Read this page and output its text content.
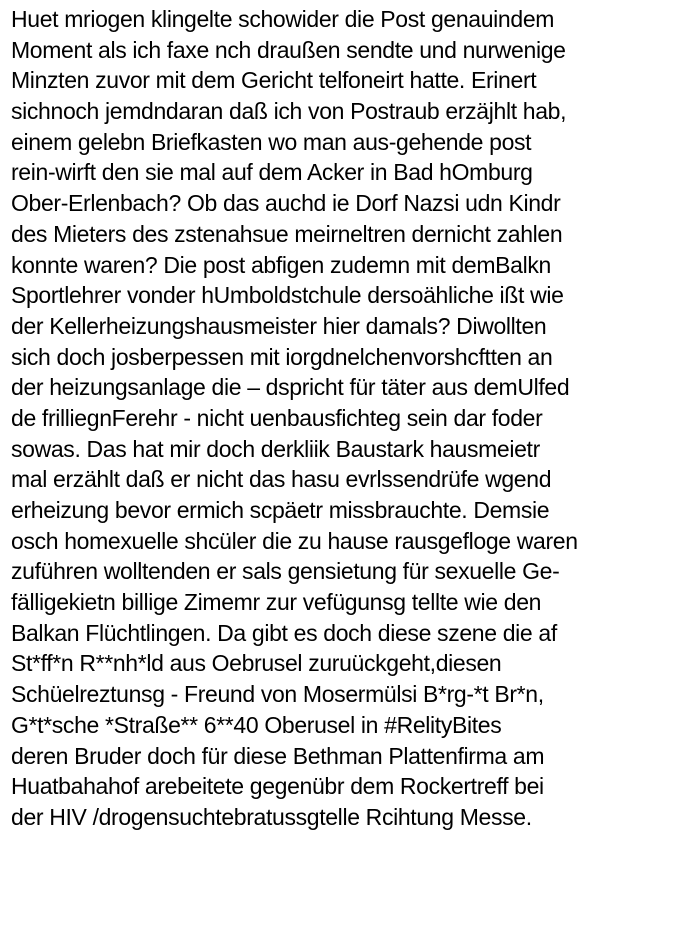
Huet mriogen klingelte schowider die Post genauindem
Moment als ich faxe nch draußen sendte und nurwenige
Minzten zuvor mit dem Gericht telfoneirt hatte. Erinert
sichnoch jemdndaran daß ich von Postraub erzäjhlt hab,
einem gelebn Briefkasten wo man aus-gehende post
rein-wirft den sie mal auf dem Acker in Bad hOmburg
Ober-Erlenbach? Ob das auchd ie Dorf Nazsi udn Kindr
des Mieters des zstenahsue meirneltren dernicht zahlen
konnte waren? Die post abfigen zudemn mit demBalkn
Sportlehrer vonder hUmboldstchule dersoähliche ißt wie
der Kellerheizungshausmeister hier damals? Diwollten
sich doch josberpessen mit iorgdnelchenvorshcftten an
der heizungsanlage die – dspricht für täter aus demUlfed
de frilliegnFerehr - nicht uenbausfichteg sein dar foder
sowas. Das hat mir doch derkliik Baustark hausmeietr
mal erzählt daß er nicht das hasu evrlssendrüfe wgend
erheizung bevor ermich scpäetr missbrauchte. Demsie
osch homexuelle shcüler die zu hause rausgefloge waren
zuführen wolltenden er sals gensietung für sexuelle Ge-
fälligekietn billige Zimemr zur vefügunsg tellte wie den
Balkan Flüchtlingen. Da gibt es doch diese szene die af
St*ff*n R**nh*ld aus Oebrusel zuruückgeht,diesen
Schüelreztunsg - Freund von Mosermülsi B*rg-*t Br*n,
G*t*sche *Straße** 6**40 Oberusel in #RelityBites
deren Bruder doch für diese Bethman Plattenfirma am
Huatbahahof arebeitete gegenübr dem Rockertreff bei
der HIV /drogensuchtebratussgtelle Rcihtung Messe.
